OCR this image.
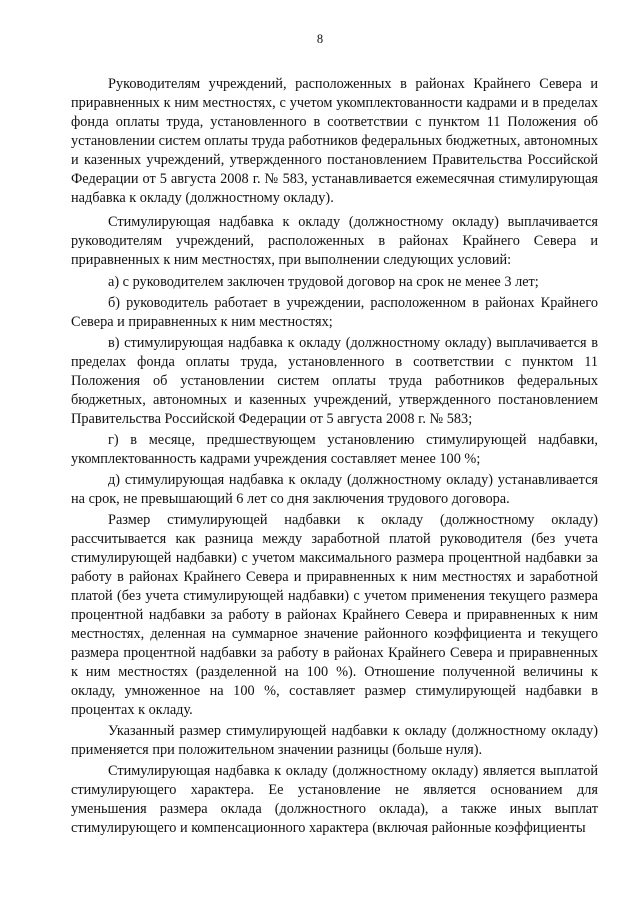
8

Руководителям учреждений, расположенных в районах Крайнего Севера и приравненных к ним местностях, с учетом укомплектованности кадрами и в пределах фонда оплаты труда, установленного в соответствии с пунктом 11 Положения об установлении систем оплаты труда работников федеральных бюджетных, автономных и казенных учреждений, утвержденного постановлением Правительства Российской Федерации от 5 августа 2008 г. № 583, устанавливается ежемесячная стимулирующая надбавка к окладу (должностному окладу).

Стимулирующая надбавка к окладу (должностному окладу) выплачивается руководителям учреждений, расположенных в районах Крайнего Севера и приравненных к ним местностях, при выполнении следующих условий:

а) с руководителем заключен трудовой договор на срок не менее 3 лет;

б) руководитель работает в учреждении, расположенном в районах Крайнего Севера и приравненных к ним местностях;

в) стимулирующая надбавка к окладу (должностному окладу) выплачивается в пределах фонда оплаты труда, установленного в соответствии с пунктом 11 Положения об установлении систем оплаты труда работников федеральных бюджетных, автономных и казенных учреждений, утвержденного постановлением Правительства Российской Федерации от 5 августа 2008 г. № 583;

г) в месяце, предшествующем установлению стимулирующей надбавки, укомплектованность кадрами учреждения составляет менее 100 %;

д) стимулирующая надбавка к окладу (должностному окладу) устанавливается на срок, не превышающий 6 лет со дня заключения трудового договора.

Размер стимулирующей надбавки к окладу (должностному окладу) рассчитывается как разница между заработной платой руководителя (без учета стимулирующей надбавки) с учетом максимального размера процентной надбавки за работу в районах Крайнего Севера и приравненных к ним местностях и заработной платой (без учета стимулирующей надбавки) с учетом применения текущего размера процентной надбавки за работу в районах Крайнего Севера и приравненных к ним местностях, деленная на суммарное значение районного коэффициента и текущего размера процентной надбавки за работу в районах Крайнего Севера и приравненных к ним местностях (разделенной на 100 %). Отношение полученной величины к окладу, умноженное на 100 %, составляет размер стимулирующей надбавки в процентах к окладу.

Указанный размер стимулирующей надбавки к окладу (должностному окладу) применяется при положительном значении разницы (больше нуля).

Стимулирующая надбавка к окладу (должностному окладу) является выплатой стимулирующего характера. Ее установление не является основанием для уменьшения размера оклада (должностного оклада), а также иных выплат стимулирующего и компенсационного характера (включая районные коэффициенты
